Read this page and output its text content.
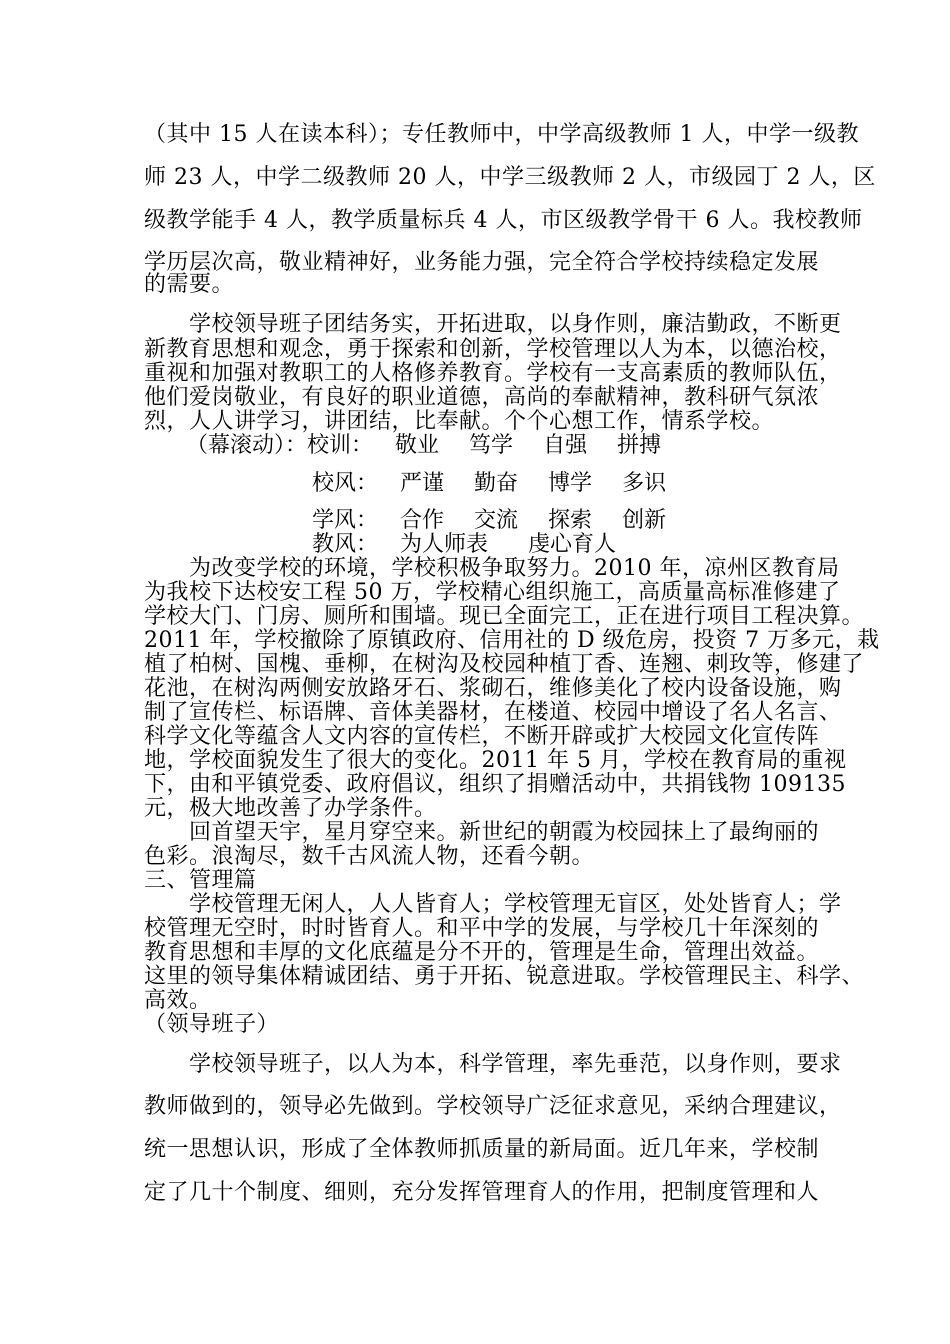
（其中 15 人在读本科）；专任教师中，中学高级教师 1 人，中学一级教
师 23 人，中学二级教师 20 人，中学三级教师 2 人，市级园丁 2 人，区
级教学能手 4 人，教学质量标兵 4 人，市区级教学骨干 6 人。我校教师
学历层次高，敬业精神好，业务能力强，完全符合学校持续稳定发展
的需要。
　　学校领导班子团结务实，开拓进取，以身作则，廉洁勤政，不断更
新教育思想和观念，勇于探索和创新，学校管理以人为本，以德治校，
重视和加强对教职工的人格修养教育。学校有一支高素质的教师队伍，
他们爱岗敬业，有良好的职业道德，高尚的奉献精神，教科研气氛浓
烈，人人讲学习，讲团结，比奉献。个个心想工作，情系学校。
（幕滚动）：校训： 敬业 笃学 自强 拼搏
校风： 严谨 勤奋 博学 多识
学风： 合作 交流 探索 创新
教风： 为人师表 虔心育人
　　为改变学校的环境，学校积极争取努力。2010 年，凉州区教育局
为我校下达校安工程 50 万，学校精心组织施工，高质量高标准修建了
学校大门、门房、厕所和围墙。现已全面完工，正在进行项目工程决算。
2011 年，学校撤除了原镇政府、信用社的 D 级危房，投资 7 万多元，栽
植了柏树、国槐、垂柳，在树沟及校园种植丁香、连翘、刺玫等，修建了
花池，在树沟两侧安放路牙石、浆砌石，维修美化了校内设备设施，购
制了宣传栏、标语牌、音体美器材，在楼道、校园中增设了名人名言、
科学文化等蕴含人文内容的宣传栏，不断开辟或扩大校园文化宣传阵
地，学校面貌发生了很大的变化。2011 年 5 月，学校在教育局的重视
下，由和平镇党委、政府倡议，组织了捐赠活动中，共捐钱物 109135
元，极大地改善了办学条件。
　　回首望天宇，星月穿空来。新世纪的朝霞为校园抹上了最绚丽的
色彩。浪淘尽，数千古风流人物，还看今朝。
三、管理篇
　　学校管理无闲人，人人皆育人；学校管理无盲区，处处皆育人；学
校管理无空时，时时皆育人。和平中学的发展，与学校几十年深刻的
教育思想和丰厚的文化底蕴是分不开的，管理是生命，管理出效益。
这里的领导集体精诚团结、勇于开拓、锐意进取。学校管理民主、科学、
高效。
（领导班子）
　　学校领导班子，以人为本，科学管理，率先垂范，以身作则，要求
教师做到的，领导必先做到。学校领导广泛征求意见，采纳合理建议，
统一思想认识，形成了全体教师抓质量的新局面。近几年来，学校制
定了几十个制度、细则，充分发挥管理育人的作用，把制度管理和人
